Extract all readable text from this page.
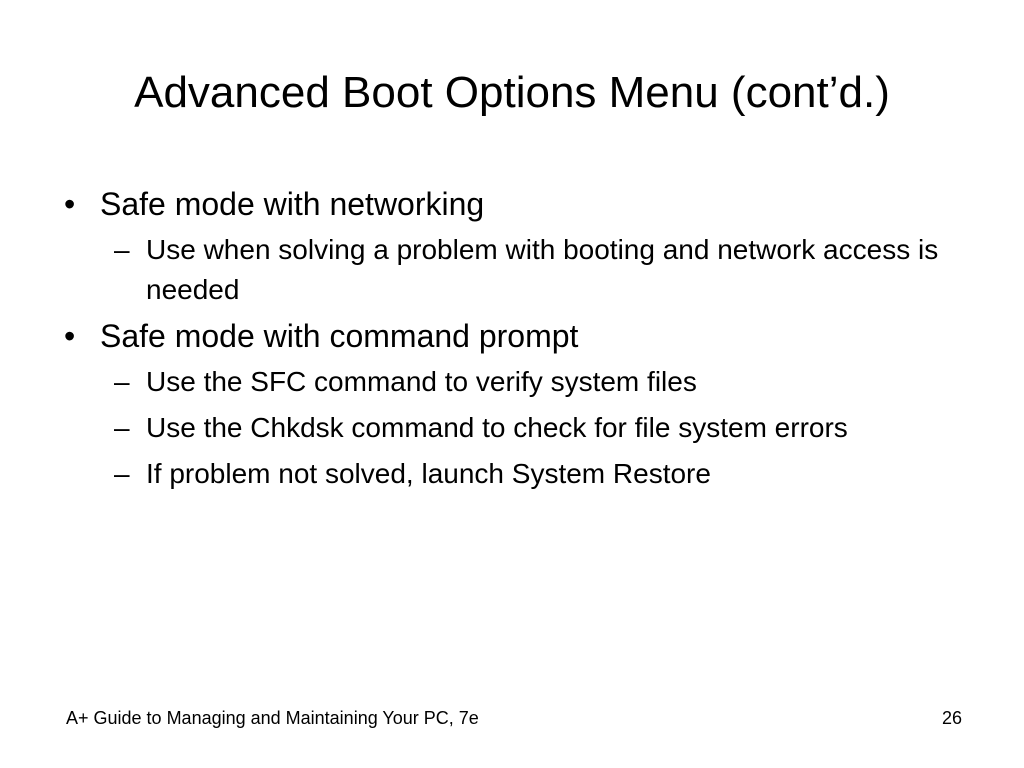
Advanced Boot Options Menu (cont’d.)
• Safe mode with networking
– Use when solving a problem with booting and network access is needed
• Safe mode with command prompt
– Use the SFC command to verify system files
– Use the Chkdsk command to check for file system errors
– If problem not solved, launch System Restore
A+ Guide to Managing and Maintaining Your PC, 7e	26
